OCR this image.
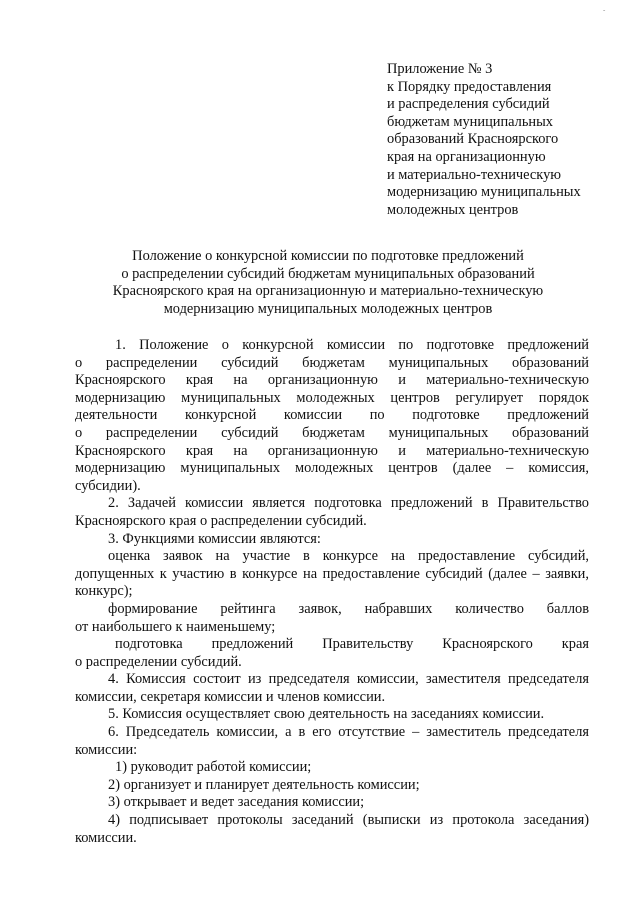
-
Приложение № 3
к Порядку предоставления
и распределения субсидий
бюджетам муниципальных
образований Красноярского
края на организационную
и материально-техническую
модернизацию муниципальных
молодежных центров
Положение о конкурсной комиссии по подготовке предложений
о распределении субсидий бюджетам муниципальных образований
Красноярского края на организационную и материально-техническую
модернизацию муниципальных молодежных центров
1. Положение о конкурсной комиссии по подготовке предложений
о распределении субсидий бюджетам муниципальных образований
Красноярского края на организационную и материально-техническую
модернизацию муниципальных молодежных центров регулирует порядок
деятельности конкурсной комиссии по подготовке предложений
о распределении субсидий бюджетам муниципальных образований
Красноярского края на организационную и материально-техническую
модернизацию муниципальных молодежных центров (далее – комиссия,
субсидии).
2. Задачей комиссии является подготовка предложений в Правительство
Красноярского края о распределении субсидий.
3. Функциями комиссии являются:
оценка заявок на участие в конкурсе на предоставление субсидий,
допущенных к участию в конкурсе на предоставление субсидий (далее – заявки,
конкурс);
формирование рейтинга заявок, набравших количество баллов
от наибольшего к наименьшему;
подготовка предложений Правительству Красноярского края
о распределении субсидий.
4. Комиссия состоит из председателя комиссии, заместителя председателя
комиссии, секретаря комиссии и членов комиссии.
5. Комиссия осуществляет свою деятельность на заседаниях комиссии.
6. Председатель комиссии, а в его отсутствие – заместитель председателя
комиссии:
1) руководит работой комиссии;
2) организует и планирует деятельность комиссии;
3) открывает и ведет заседания комиссии;
4) подписывает протоколы заседаний (выписки из протокола заседания)
комиссии.
